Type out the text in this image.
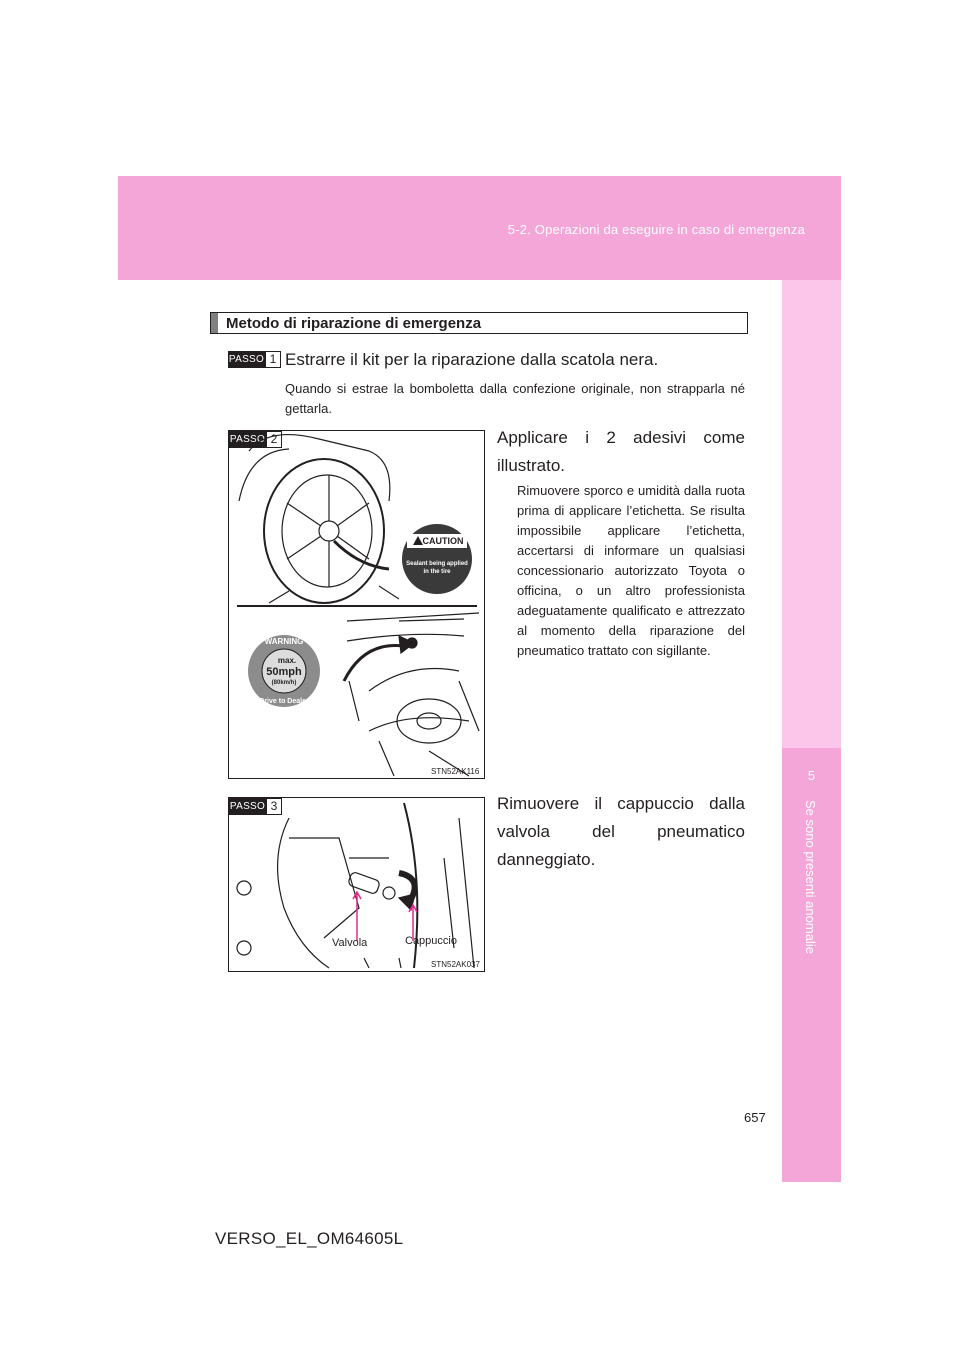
5-2. Operazioni da eseguire in caso di emergenza
5
Se sono presenti anomalie
Metodo di riparazione di emergenza
PASSO 1 Estrarre il kit per la riparazione dalla scatola nera.
Quando si estrae la bomboletta dalla confezione originale, non strapparla né gettarla.
PASSO 2
CAUTION
Sealant being applied
in the tire
WARNING
max.
50mph
(80km/h)
Drive to Dealer
STN52AK116
Applicare i 2 adesivi come illustrato.
Rimuovere sporco e umidità dalla ruota prima di applicare l’etichetta. Se risulta impossibile applicare l’etichetta, accertarsi di informare un qualsiasi concessionario autorizzato Toyota o officina, o un altro professionista adeguatamente qualificato e attrezzato al momento della riparazione del pneumatico trattato con sigillante.
PASSO 3
Valvola	Cappuccio
STN52AK037
Rimuovere il cappuccio dalla valvola del pneumatico danneggiato.
657
VERSO_EL_OM64605L
